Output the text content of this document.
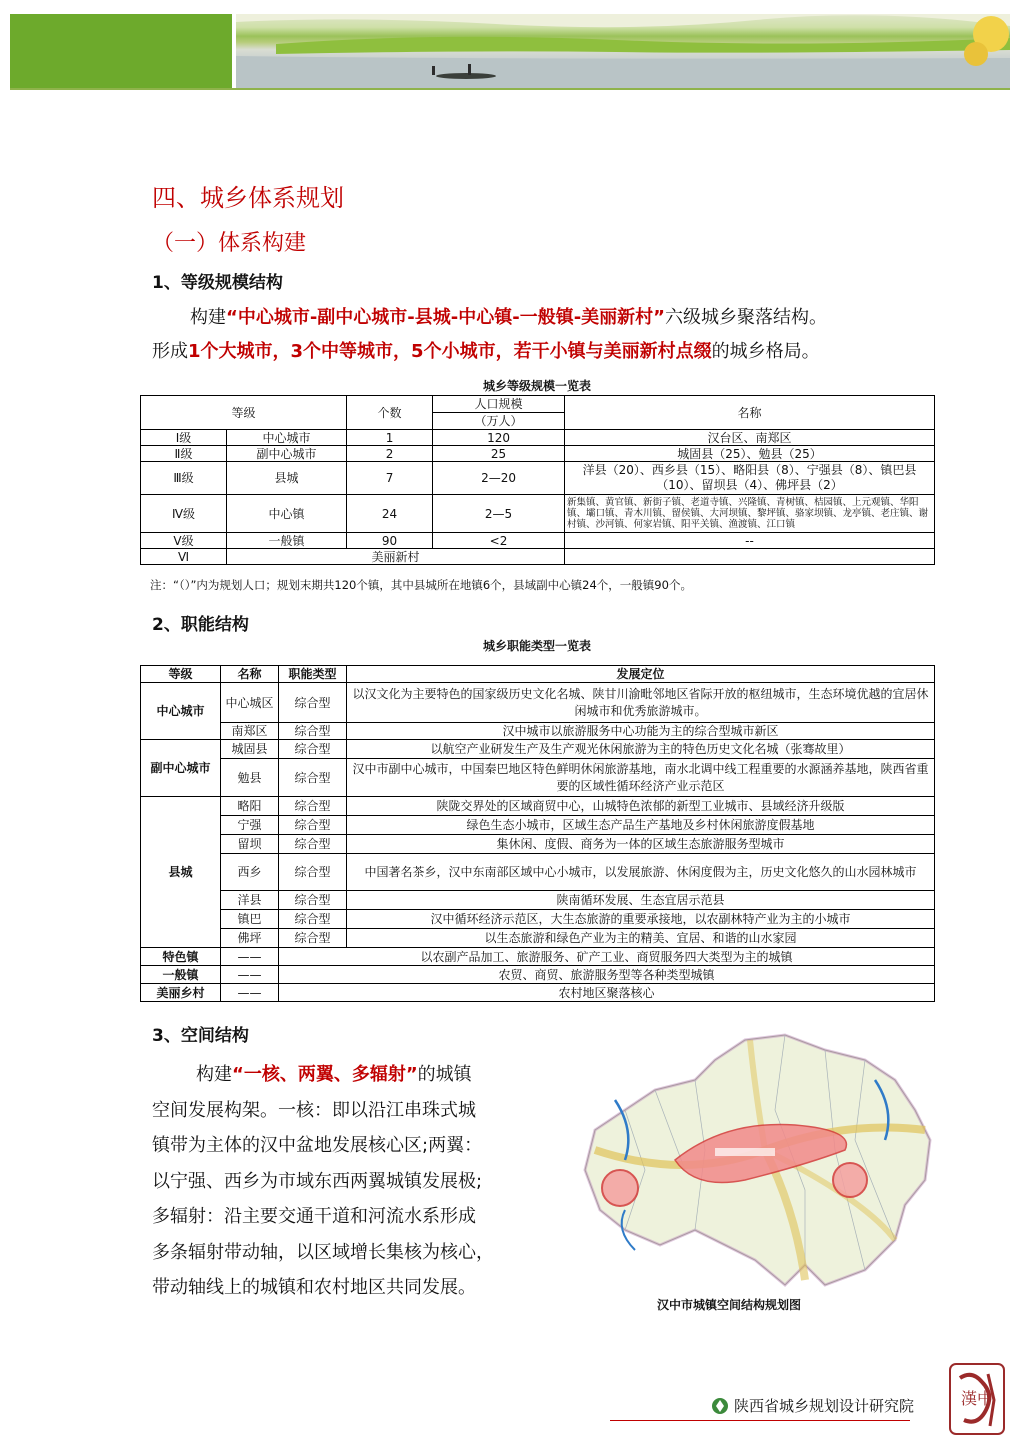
四、城乡体系规划
（一）体系构建
1、等级规模结构
构建“中心城市-副中心城市-县城-中心镇-一般镇-美丽新村”六级城乡聚落结构。
形成1个大城市，3个中等城市，5个小城市，若干小镇与美丽新村点缀的城乡格局。
城乡等级规模一览表
等级		个数	人口规模	名称
			（万人）	
Ⅰ级	中心城市	1	120	汉台区、南郑区
Ⅱ级	副中心城市	2	25	城固县（25）、勉县（25）
Ⅲ级	县城	7	2—20	洋县（20）、西乡县（15）、略阳县（8）、宁强县（8）、镇巴县（10）、留坝县（4）、佛坪县（2）
Ⅳ级	中心镇	24	2—5	新集镇、黄官镇、新街子镇、老道寺镇、兴隆镇、青树镇、桔园镇、上元观镇、华阳镇、壩口镇、青木川镇、留侯镇、大河坝镇、黎坪镇、骆家坝镇、龙亭镇、老庄镇、谢村镇、沙河镇、何家岩镇、阳平关镇、渔渡镇、江口镇
Ⅴ级	一般镇	90	<2	--
Ⅵ	美丽新村			
注：“（）”内为规划人口；规划末期共120个镇，其中县城所在地镇6个，县域副中心镇24个，一般镇90个。
2、职能结构
城乡职能类型一览表
等级	名称	职能类型	发展定位
中心城市	中心城区	综合型	以汉文化为主要特色的国家级历史文化名城、陕甘川渝毗邻地区省际开放的枢纽城市，生态环境优越的宜居休闲城市和优秀旅游城市。
	南郑区	综合型	汉中城市以旅游服务中心功能为主的综合型城市新区
副中心城市	城固县	综合型	以航空产业研发生产及生产观光休闲旅游为主的特色历史文化名城（张骞故里）
	勉县	综合型	汉中市副中心城市，中国秦巴地区特色鲜明休闲旅游基地，南水北调中线工程重要的水源涵养基地，陕西省重要的区域性循环经济产业示范区
县城	略阳	综合型	陕陇交界处的区域商贸中心，山城特色浓郁的新型工业城市、县域经济升级版
	宁强	综合型	绿色生态小城市，区域生态产品生产基地及乡村休闲旅游度假基地
	留坝	综合型	集休闲、度假、商务为一体的区域生态旅游服务型城市
	西乡	综合型	中国著名茶乡，汉中东南部区域中心小城市，以发展旅游、休闲度假为主，历史文化悠久的山水园林城市
	洋县	综合型	陕南循环发展、生态宜居示范县
	镇巴	综合型	汉中循环经济示范区，大生态旅游的重要承接地，以农副林特产业为主的小城市
	佛坪	综合型	以生态旅游和绿色产业为主的精美、宜居、和谐的山水家园
特色镇	——	以农副产品加工、旅游服务、矿产工业、商贸服务四大类型为主的城镇	
一般镇	——	农贸、商贸、旅游服务型等各种类型城镇	
美丽乡村	——	农村地区聚落核心	
3、空间结构
构建“一核、两翼、多辐射”的城镇
空间发展构架。一核：即以沿江串珠式城
镇带为主体的汉中盆地发展核心区;两翼：
以宁强、西乡为市域东西两翼城镇发展极;
多辐射：沿主要交通干道和河流水系形成
多条辐射带动轴，以区域增长集核为核心，
带动轴线上的城镇和农村地区共同发展。
汉中市城镇空间结构规划图
陕西省城乡规划设计研究院	漢中
